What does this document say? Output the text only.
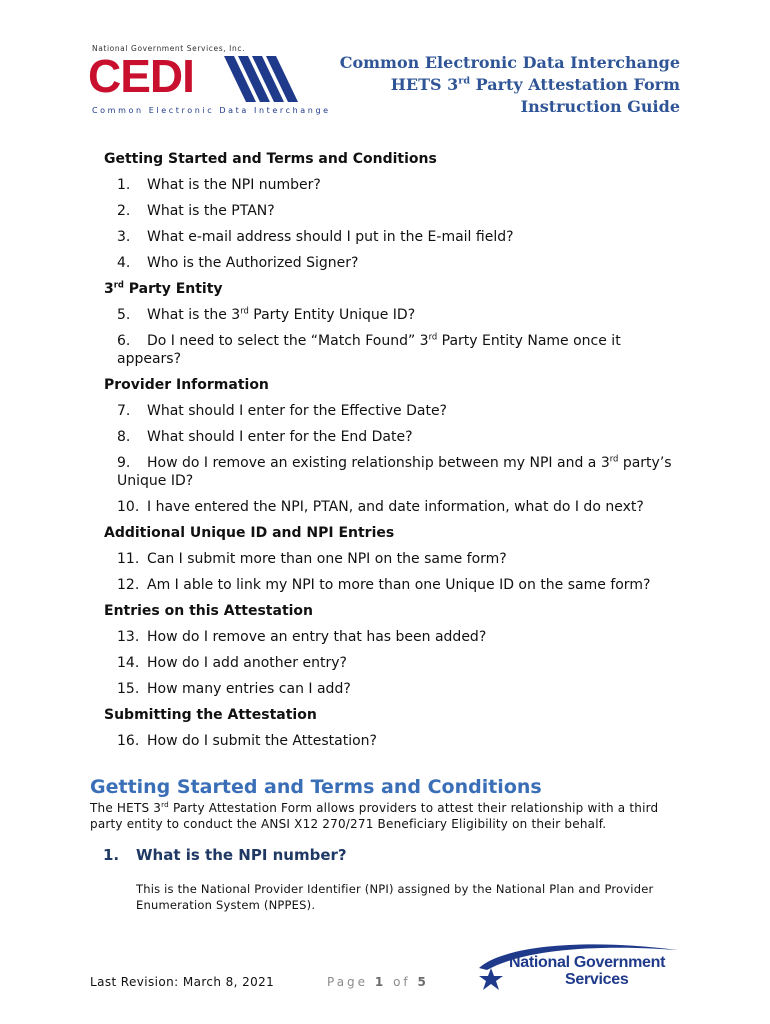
National Government Services, Inc.
CEDI
Common Electronic Data Interchange
Common Electronic Data Interchange
HETS 3rd Party Attestation Form
Instruction Guide
Getting Started and Terms and Conditions
1. What is the NPI number?
2. What is the PTAN?
3. What e-mail address should I put in the E-mail field?
4. Who is the Authorized Signer?
3rd Party Entity
5. What is the 3rd Party Entity Unique ID?
6. Do I need to select the “Match Found” 3rd Party Entity Name once it
appears?
Provider Information
7. What should I enter for the Effective Date?
8. What should I enter for the End Date?
9. How do I remove an existing relationship between my NPI and a 3rd party’s
Unique ID?
10. I have entered the NPI, PTAN, and date information, what do I do next?
Additional Unique ID and NPI Entries
11. Can I submit more than one NPI on the same form?
12. Am I able to link my NPI to more than one Unique ID on the same form?
Entries on this Attestation
13. How do I remove an entry that has been added?
14. How do I add another entry?
15. How many entries can I add?
Submitting the Attestation
16. How do I submit the Attestation?
Getting Started and Terms and Conditions
The HETS 3rd Party Attestation Form allows providers to attest their relationship with a third party entity to conduct the ANSI X12 270/271 Beneficiary Eligibility on their behalf.
1. What is the NPI number?
This is the National Provider Identifier (NPI) assigned by the National Plan and Provider Enumeration System (NPPES).
Last Revision: March 8, 2021	Page 1 of 5
National Government
Services
